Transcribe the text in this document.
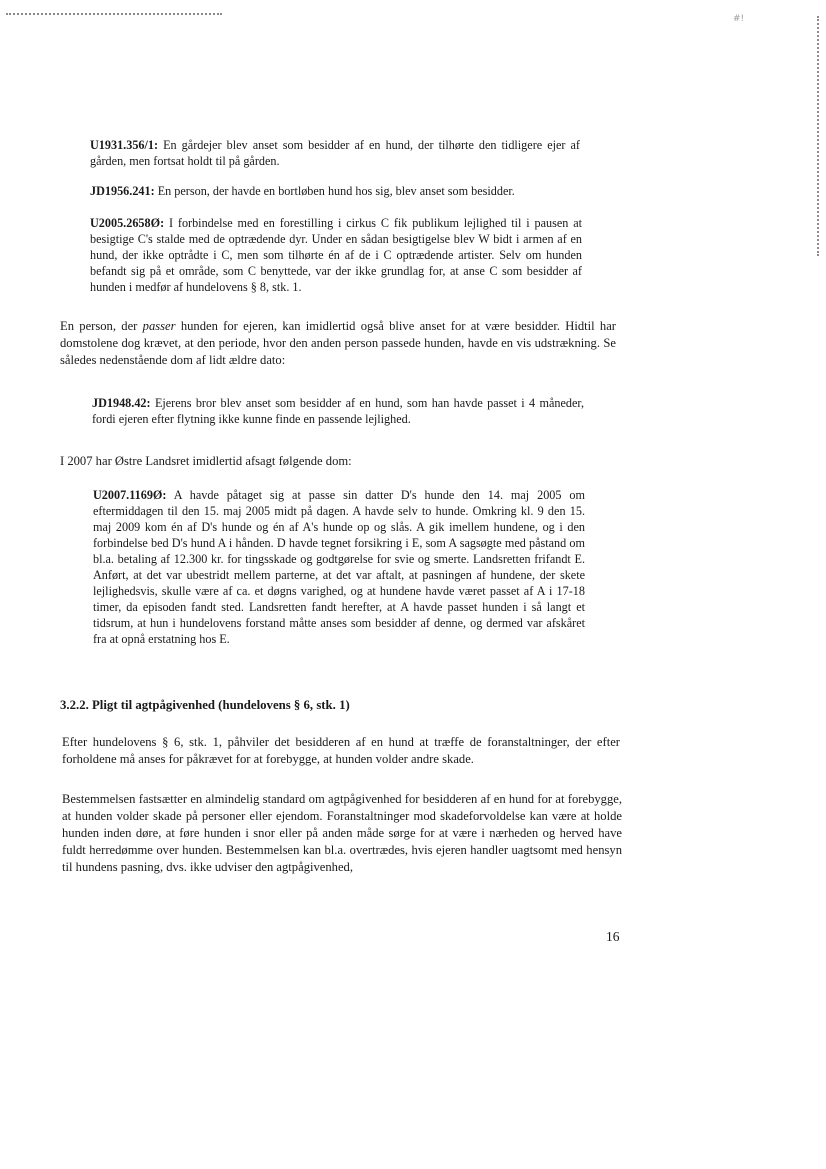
#!

U1931.356/1: En gårdejer blev anset som besidder af en hund, der tilhørte den tidligere ejer af gården, men fortsat holdt til på gården.

JD1956.241: En person, der havde en bortløben hund hos sig, blev anset som besidder.

U2005.2658Ø: I forbindelse med en forestilling i cirkus C fik publikum lejlighed til i pausen at besigtige C's stalde med de optrædende dyr. Under en sådan besigtigelse blev W bidt i armen af en hund, der ikke optrådte i C, men som tilhørte én af de i C optrædende artister. Selv om hunden befandt sig på et område, som C benyttede, var der ikke grundlag for, at anse C som besidder af hunden i medfør af hundelovens § 8, stk. 1.

En person, der passer hunden for ejeren, kan imidlertid også blive anset for at være besidder. Hidtil har domstolene dog krævet, at den periode, hvor den anden person passede hunden, havde en vis udstrækning. Se således nedenstående dom af lidt ældre dato:

JD1948.42: Ejerens bror blev anset som besidder af en hund, som han havde passet i 4 måneder, fordi ejeren efter flytning ikke kunne finde en passende lejlighed.

I 2007 har Østre Landsret imidlertid afsagt følgende dom:

U2007.1169Ø: A havde påtaget sig at passe sin datter D's hunde den 14. maj 2005 om eftermiddagen til den 15. maj 2005 midt på dagen. A havde selv to hunde. Omkring kl. 9 den 15. maj 2009 kom én af D's hunde og én af A's hunde op og slås. A gik imellem hundene, og i den forbindelse bed D's hund A i hånden. D havde tegnet forsikring i E, som A sagsøgte med påstand om bl.a. betaling af 12.300 kr. for tingsskade og godtgørelse for svie og smerte. Landsretten frifandt E. Anført, at det var ubestridt mellem parterne, at det var aftalt, at pasningen af hundene, der skete lejlighedsvis, skulle være af ca. et døgns varighed, og at hundene havde været passet af A i 17-18 timer, da episoden fandt sted. Landsretten fandt herefter, at A havde passet hunden i så langt et tidsrum, at hun i hundelovens forstand måtte anses som besidder af denne, og dermed var afskåret fra at opnå erstatning hos E.

3.2.2. Pligt til agtpågivenhed (hundelovens § 6, stk. 1)

Efter hundelovens § 6, stk. 1, påhviler det besidderen af en hund at træffe de foranstaltninger, der efter forholdene må anses for påkrævet for at forebygge, at hunden volder andre skade.

Bestemmelsen fastsætter en almindelig standard om agtpågivenhed for besidderen af en hund for at forebygge, at hunden volder skade på personer eller ejendom. Foranstaltninger mod skadeforvoldelse kan være at holde hunden inden døre, at føre hunden i snor eller på anden måde sørge for at være i nærheden og herved have fuldt herredømme over hunden. Bestemmelsen kan bl.a. overtrædes, hvis ejeren handler uagtsomt med hensyn til hundens pasning, dvs. ikke udviser den agtpågivenhed,

16
